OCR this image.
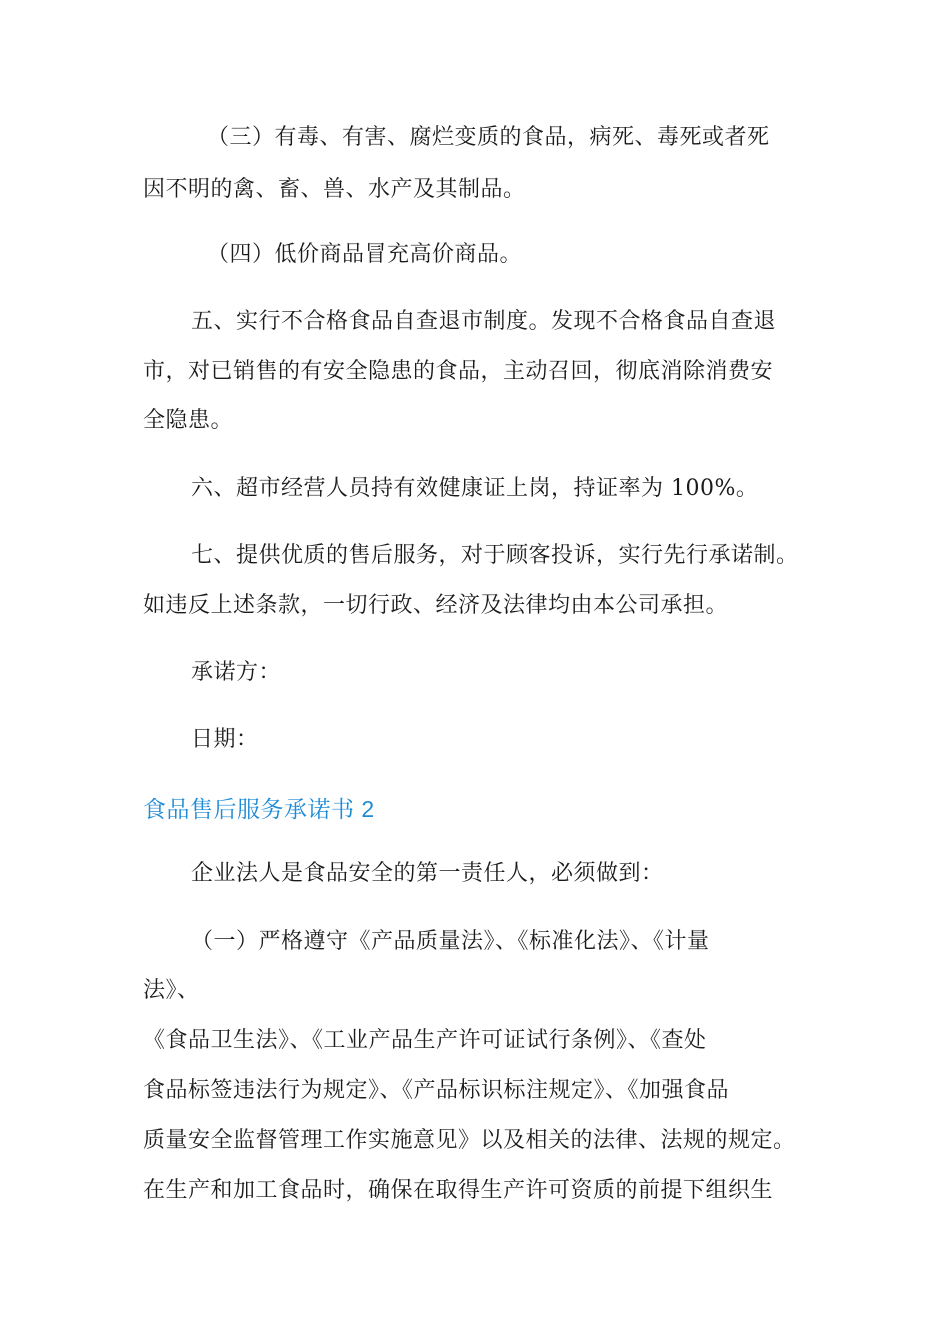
（三）有毒、有害、腐烂变质的食品，病死、毒死或者死
因不明的禽、畜、兽、水产及其制品。
（四）低价商品冒充高价商品。
五、实行不合格食品自查退市制度。发现不合格食品自查退
市，对已销售的有安全隐患的食品，主动召回，彻底消除消费安
全隐患。
六、超市经营人员持有效健康证上岗，持证率为 100%。
七、提供优质的售后服务，对于顾客投诉，实行先行承诺制。
如违反上述条款，一切行政、经济及法律均由本公司承担。
承诺方：
日期：
食品售后服务承诺书 2
企业法人是食品安全的第一责任人，必须做到：
（一）严格遵守《产品质量法》、《标准化法》、《计量
法》、
《食品卫生法》、《工业产品生产许可证试行条例》、《查处
食品标签违法行为规定》、《产品标识标注规定》、《加强食品
质量安全监督管理工作实施意见》以及相关的法律、法规的规定。
在生产和加工食品时，确保在取得生产许可资质的前提下组织生
